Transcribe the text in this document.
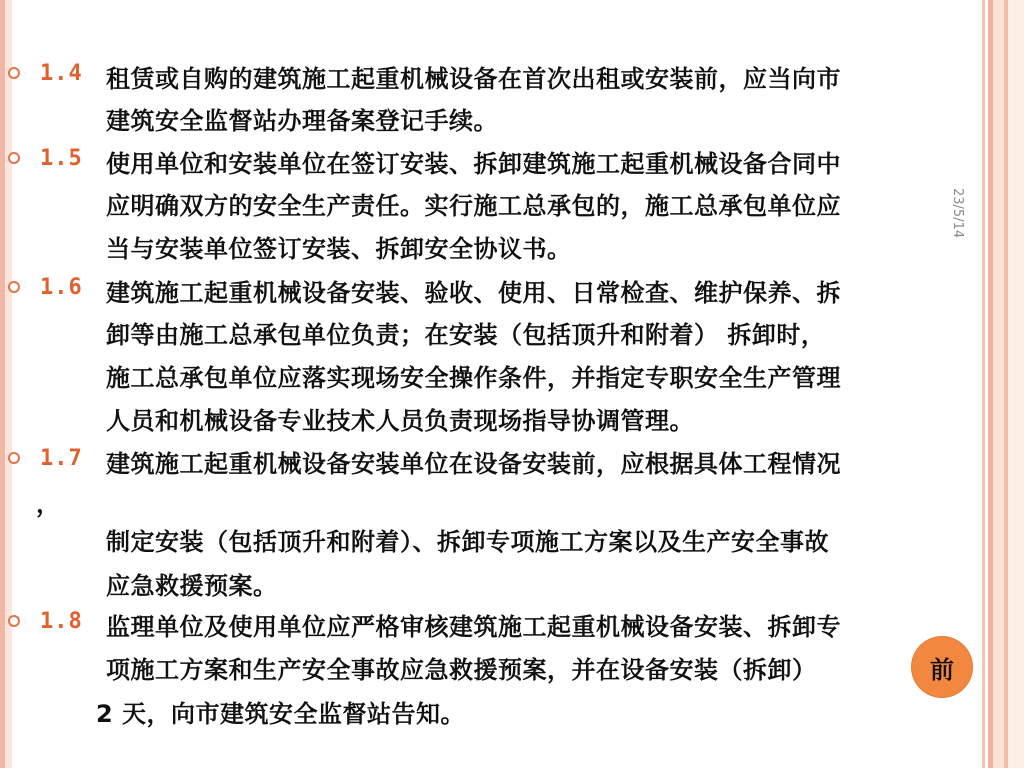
23/5/14
1.4 租赁或自购的建筑施工起重机械设备在首次出租或安装前，应当向市
建筑安全监督站办理备案登记手续。
1.5 使用单位和安装单位在签订安装、拆卸建筑施工起重机械设备合同中
应明确双方的安全生产责任。实行施工总承包的，施工总承包单位应
当与安装单位签订安装、拆卸安全协议书。
1.6 建筑施工起重机械设备安装、验收、使用、日常检查、维护保养、拆
卸等由施工总承包单位负责；在安装（包括顶升和附着） 拆卸时，
施工总承包单位应落实现场安全操作条件，并指定专职安全生产管理
人员和机械设备专业技术人员负责现场指导协调管理。
1.7 建筑施工起重机械设备安装单位在设备安装前，应根据具体工程情况
，
制定安装（包括顶升和附着）、拆卸专项施工方案以及生产安全事故
应急救援预案。
1.8 监理单位及使用单位应严格审核建筑施工起重机械设备安装、拆卸专
项施工方案和生产安全事故应急救援预案，并在设备安装（拆卸）
2 天，向市建筑安全监督站告知。
前
